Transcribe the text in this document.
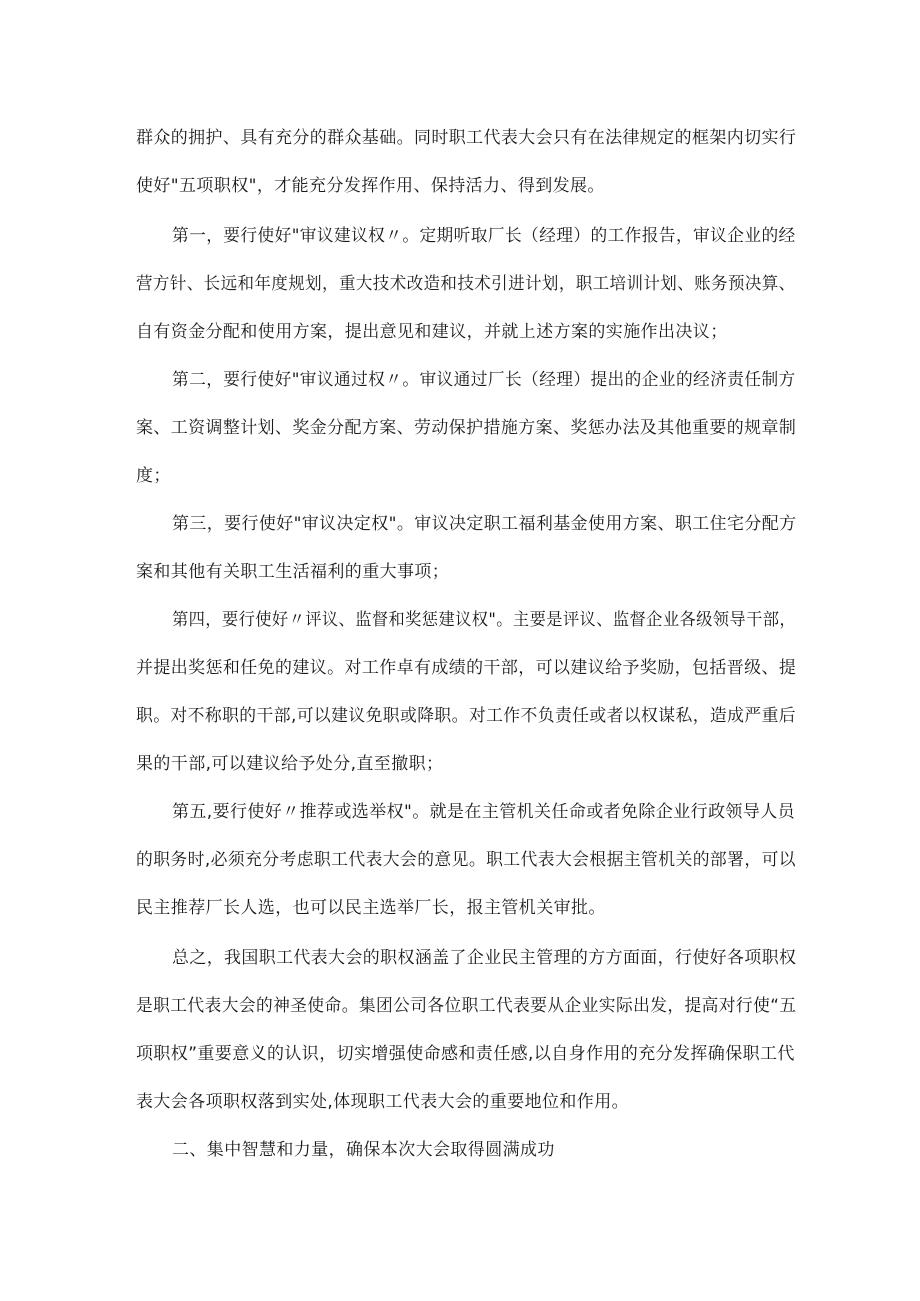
群众的拥护、具有充分的群众基础。同时职工代表大会只有在法律规定的框架内切实行

使好"五项职权"，才能充分发挥作用、保持活力、得到发展。

第一，要行使好"审议建议权〃。定期听取厂长（经理）的工作报告，审议企业的经

营方针、长远和年度规划，重大技术改造和技术引进计划，职工培训计划、账务预决算、

自有资金分配和使用方案，提出意见和建议，并就上述方案的实施作出决议；

第二，要行使好"审议通过权〃。审议通过厂长（经理）提出的企业的经济责任制方

案、工资调整计划、奖金分配方案、劳动保护措施方案、奖惩办法及其他重要的规章制

度；

第三，要行使好"审议决定权"。审议决定职工福利基金使用方案、职工住宅分配方

案和其他有关职工生活福利的重大事项；

第四，要行使好〃评议、监督和奖惩建议权"。主要是评议、监督企业各级领导干部，

并提出奖惩和任免的建议。对工作卓有成绩的干部，可以建议给予奖励，包括晋级、提

职。对不称职的干部,可以建议免职或降职。对工作不负责任或者以权谋私，造成严重后

果的干部,可以建议给予处分,直至撤职；

第五,要行使好〃推荐或选举权"。就是在主管机关任命或者免除企业行政领导人员

的职务时,必须充分考虑职工代表大会的意见。职工代表大会根据主管机关的部署，可以

民主推荐厂长人选，也可以民主选举厂长，报主管机关审批。

总之，我国职工代表大会的职权涵盖了企业民主管理的方方面面，行使好各项职权

是职工代表大会的神圣使命。集团公司各位职工代表要从企业实际出发，提高对行使“五

项职权”重要意义的认识，切实增强使命感和责任感,以自身作用的充分发挥确保职工代

表大会各项职权落到实处,体现职工代表大会的重要地位和作用。

二、集中智慧和力量，确保本次大会取得圆满成功
